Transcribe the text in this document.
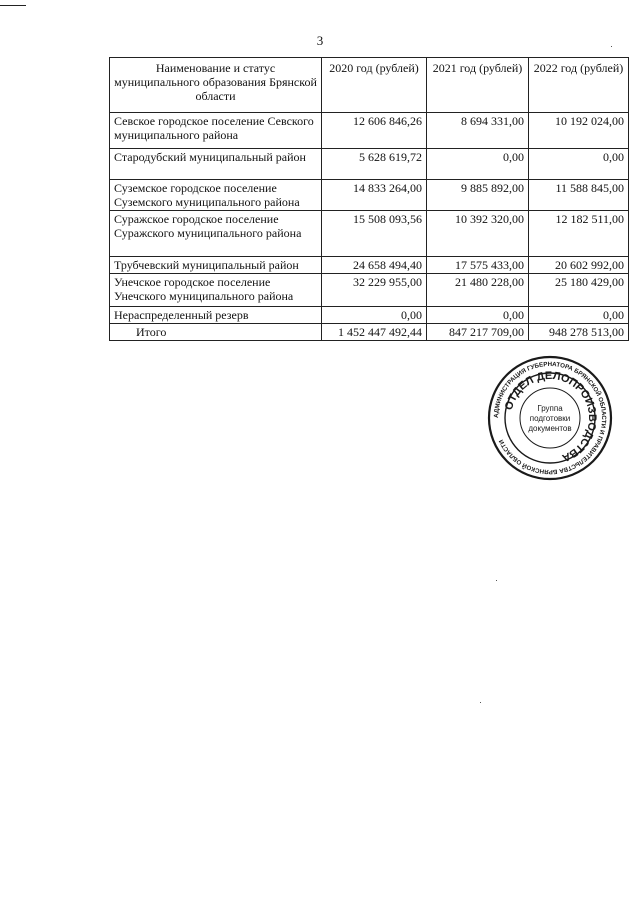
3
Наименование и статус муниципального образования Брянской области	2020 год (рублей)	2021 год (рублей)	2022 год (рублей)
Севское городское поселение Севского муниципального района	12 606 846,26	8 694 331,00	10 192 024,00
Стародубский муниципальный район	5 628 619,72	0,00	0,00
Суземское городское поселение Суземского муниципального района	14 833 264,00	9 885 892,00	11 588 845,00
Суражское городское поселение Суражского муниципального района	15 508 093,56	10 392 320,00	12 182 511,00
Трубчевский муниципальный район	24 658 494,40	17 575 433,00	20 602 992,00
Унечское городское поселение Унечского муниципального района	32 229 955,00	21 480 228,00	25 180 429,00
Нераспределенный резерв	0,00	0,00	0,00
Итого	1 452 447 492,44	847 217 709,00	948 278 513,00
АДМИНИСТРАЦИЯ ГУБЕРНАТОРА БРЯНСКОЙ ОБЛАСТИ И ПРАВИТЕЛЬСТВА БРЯНСКОЙ ОБЛАСТИ
ОТДЕЛ ДЕЛОПРОИЗВОДСТВА
Группа
подготовки
документов
